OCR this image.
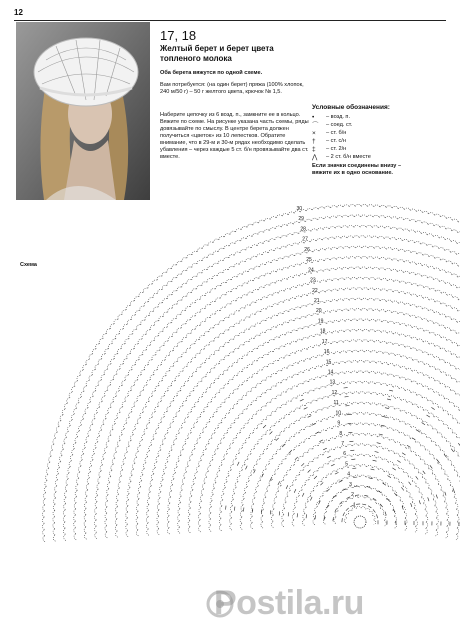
12
17, 18
Желтый берет и берет цвета топленого молока
Оба берета вяжутся по одной схеме.
Вам потребуется: (на один берет) пряжа (100% хлопок, 240 м/50 г) – 50 г желтого цвета, крючок № 1,5.
Наберите цепочку из 6 возд. п., замкните ее в кольцо. Вяжите по схеме. На рисунке указана часть схемы, ряды довязывайте по смыслу. В центре берета должен получиться «цветок» из 10 лепестков. Обратите внимание, что в 29-м и 30-м рядах необходимо сделать убавления – через каждые 5 ст. б/н провязывайте два ст. вместе.
Условные обозначения:
•	– возд. п.
⌒	– соед. ст.
×	– ст. б/н
†	– ст. с/н
‡	– ст. 2/н
⋀	– 2 ст. б/н вместе
Если значки соединены внизу – вяжите их в одно основание.
Схема
1
2
3
4
5
6
7
8
9
10
11
12
13
14
15
16
17
18
19
20
21
22
23
24
25
26
27
28
29
30
Postila.ru
